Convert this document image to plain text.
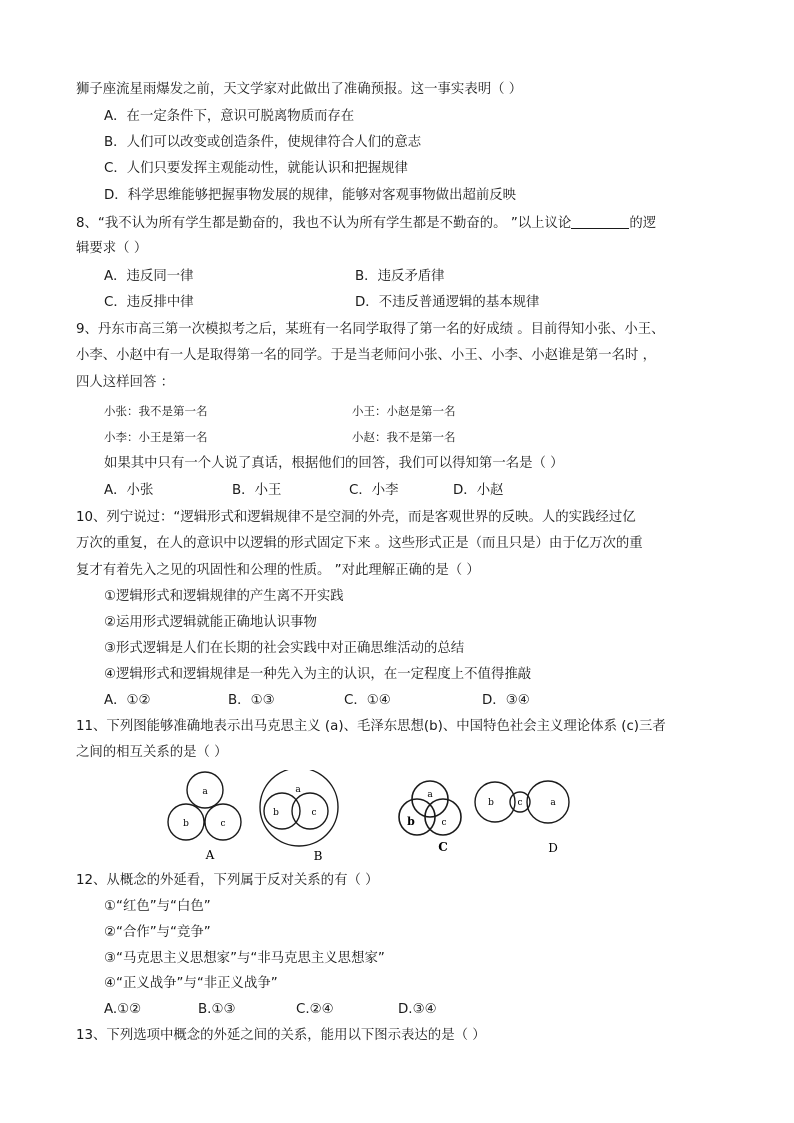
狮子座流星雨爆发之前，天文学家对此做出了准确预报。这一事实表明（ ）
A．在一定条件下，意识可脱离物质而存在
B．人们可以改变或创造条件，使规律符合人们的意志
C．人们只要发挥主观能动性，就能认识和把握规律
D．科学思维能够把握事物发展的规律，能够对客观事物做出超前反映
8、“我不认为所有学生都是勤奋的，我也不认为所有学生都是不勤奋的。 ”以上议论	的逻
辑要求（ ）
A．违反同一律	B．违反矛盾律
C．违反排中律	D．不违反普通逻辑的基本规律
9、丹东市高三第一次模拟考之后，某班有一名同学取得了第一名的好成绩 。目前得知小张、小王、
小李、小赵中有一人是取得第一名的同学。于是当老师问小张、小王、小李、小赵谁是第一名时 ，
四人这样回答 ：
小张：我不是第一名	小王：小赵是第一名
小李：小王是第一名	小赵：我不是第一名
如果其中只有一个人说了真话，根据他们的回答，我们可以得知第一名是（ ）
A．小张	B．小王	C．小李	D．小赵
10、列宁说过：“逻辑形式和逻辑规律不是空洞的外壳，而是客观世界的反映。人的实践经过亿
万次的重复，在人的意识中以逻辑的形式固定下来 。这些形式正是（而且只是）由于亿万次的重
复才有着先入之见的巩固性和公理的性质。 ”对此理解正确的是（ ）
①逻辑形式和逻辑规律的产生离不开实践
②运用形式逻辑就能正确地认识事物
③形式逻辑是人们在长期的社会实践中对正确思维活动的总结
④逻辑形式和逻辑规律是一种先入为主的认识，在一定程度上不值得推敲
A．①②	B．①③	C．①④	D．③④
11、下列图能够准确地表示出马克思主义 (a)、毛泽东思想(b)、中国特色社会主义理论体系 (c)三者
之间的相互关系的是（ ）
a
b	c
A
a
b	c
B
a
b	c
C
b	c	a
D
12、从概念的外延看，下列属于反对关系的有（ ）
①“红色”与“白色”
②“合作”与“竞争”
③“马克思主义思想家”与“非马克思主义思想家”
④“正义战争”与“非正义战争”
A.①②	B.①③	C.②④	D.③④
13、下列选项中概念的外延之间的关系，能用以下图示表达的是（ ）
